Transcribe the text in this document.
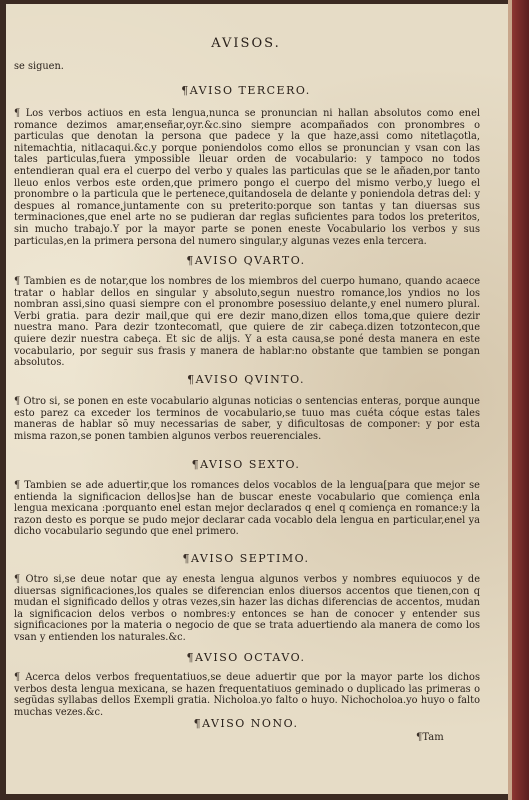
AVISOS.
se siguen.
¶AVISO TERCERO.
¶ Los verbos actiuos en esta lengua,nunca se pronuncian ni hallan absolutos como enel romance dezimos amar,enseñar,oyr.&c.sino siempre acompañados con pronombres o particulas que denotan la persona que padece y la que haze,assi como nitetlaçotla, nitemachtia, nitlacaqui.&c.y porque poniendolos como ellos se pronuncian y vsan con las tales particulas,fuera ympossible lleuar orden de vocabulario: y tampoco no todos entendieran qual era el cuerpo del verbo y quales las particulas que se le añaden,por tanto lleuo enlos verbos este orden,que primero pongo el cuerpo del mismo verbo,y luego el pronombre o la particula que le pertenece,quitandosela de delante y poniendola detras del: y despues al romance,juntamente con su preterito:porque son tantas y tan diuersas sus terminaciones,que enel arte no se pudieran dar reglas suficientes para todos los preteritos, sin mucho trabajo.Y por la mayor parte se ponen eneste Vocabulario los verbos y sus particulas,en la primera persona del numero singular,y algunas vezes enla tercera.
¶AVISO QVARTO.
¶ Tambien es de notar,que los nombres de los miembros del cuerpo humano, quando acaece tratar o hablar dellos en singular y absoluto,segun nuestro romance,los yndios no los nombran assi,sino quasi siempre con el pronombre posessiuo delante,y enel numero plural. Verbi gratia. para dezir mail,que qui ere dezir mano,dizen ellos toma,que quiere dezir nuestra mano. Para dezir tzontecomatl, que quiere de zir cabeça.dizen totzontecon,que quiere dezir nuestra cabeça. Et sic de alijs. Y a esta causa,se poné desta manera en este vocabulario, por seguir sus frasis y manera de hablar:no obstante que tambien se pongan absolutos.
¶AVISO QVINTO.
¶ Otro si, se ponen en este vocabulario algunas noticias o sentencias enteras, porque aunque esto parez ca exceder los terminos de vocabulario,se tuuo mas cuéta cóque estas tales maneras de hablar sõ muy necessarias de saber, y dificultosas de componer: y por esta misma razon,se ponen tambien algunos verbos reuerenciales.
¶AVISO SEXTO.
¶ Tambien se ade aduertir,que los romances delos vocablos de la lengua[para que mejor se entienda la significacion dellos]se han de buscar eneste vocabulario que comiença enla lengua mexicana :porquanto enel estan mejor declarados q enel q comiença en romance:y la razon desto es porque se pudo mejor declarar cada vocablo dela lengua en particular,enel ya dicho vocabulario segundo que enel primero.
¶AVISO SEPTIMO.
¶ Otro si,se deue notar que ay enesta lengua algunos verbos y nombres equiuocos y de diuersas significaciones,los quales se diferencian enlos diuersos accentos que tienen,con q mudan el significado dellos y otras vezes,sin hazer las dichas diferencias de accentos, mudan la significacion delos verbos o nombres:y entonces se han de conocer y entender sus significaciones por la materia o negocio de que se trata aduertiendo ala manera de como los vsan y entienden los naturales.&c.
¶AVISO OCTAVO.
¶ Acerca delos verbos frequentatiuos,se deue aduertir que por la mayor parte los dichos verbos desta lengua mexicana, se hazen frequentatiuos geminado o duplicado las primeras o segũdas syllabas dellos Exempli gratia. Nicholoa.yo falto o huyo. Nichocholoa.yo huyo o falto muchas vezes.&c.
¶AVISO NONO.
¶Tam
